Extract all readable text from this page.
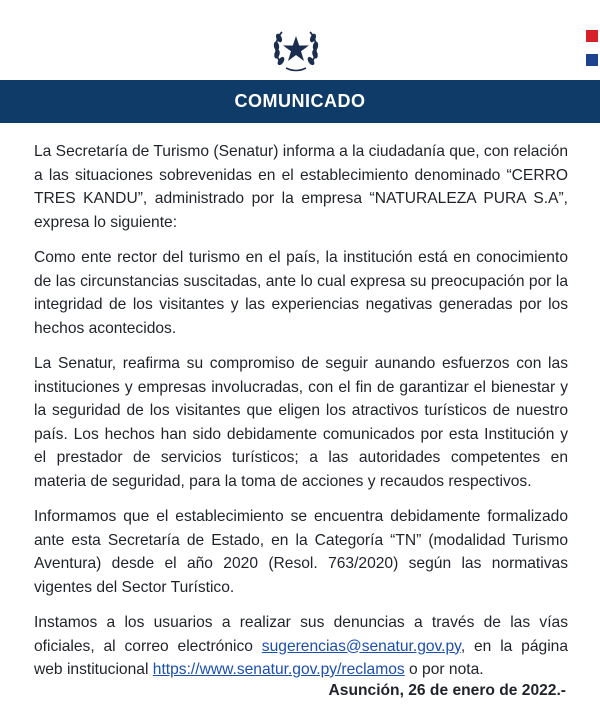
COMUNICADO

La Secretaría de Turismo (Senatur) informa a la ciudadanía que, con relación a las situaciones sobrevenidas en el establecimiento denominado “CERRO TRES KANDU”, administrado por la empresa “NATURALEZA PURA S.A”, expresa lo siguiente:

Como ente rector del turismo en el país, la institución está en conocimiento de las circunstancias suscitadas, ante lo cual expresa su preocupación por la integridad de los visitantes y las experiencias negativas generadas por los hechos acontecidos.

La Senatur, reafirma su compromiso de seguir aunando esfuerzos con las instituciones y empresas involucradas, con el fin de garantizar el bienestar y la seguridad de los visitantes que eligen los atractivos turísticos de nuestro país. Los hechos han sido debidamente comunicados por esta Institución y el prestador de servicios turísticos; a las autoridades competentes en materia de seguridad, para la toma de acciones y recaudos respectivos.

Informamos que el establecimiento se encuentra debidamente formalizado ante esta Secretaría de Estado, en la Categoría “TN” (modalidad Turismo Aventura) desde el año 2020 (Resol. 763/2020) según las normativas vigentes del Sector Turístico.

Instamos a los usuarios a realizar sus denuncias a través de las vías oficiales, al correo electrónico sugerencias@senatur.gov.py, en la página web institucional https://www.senatur.gov.py/reclamos o por nota.

Asunción, 26 de enero de 2022.-
